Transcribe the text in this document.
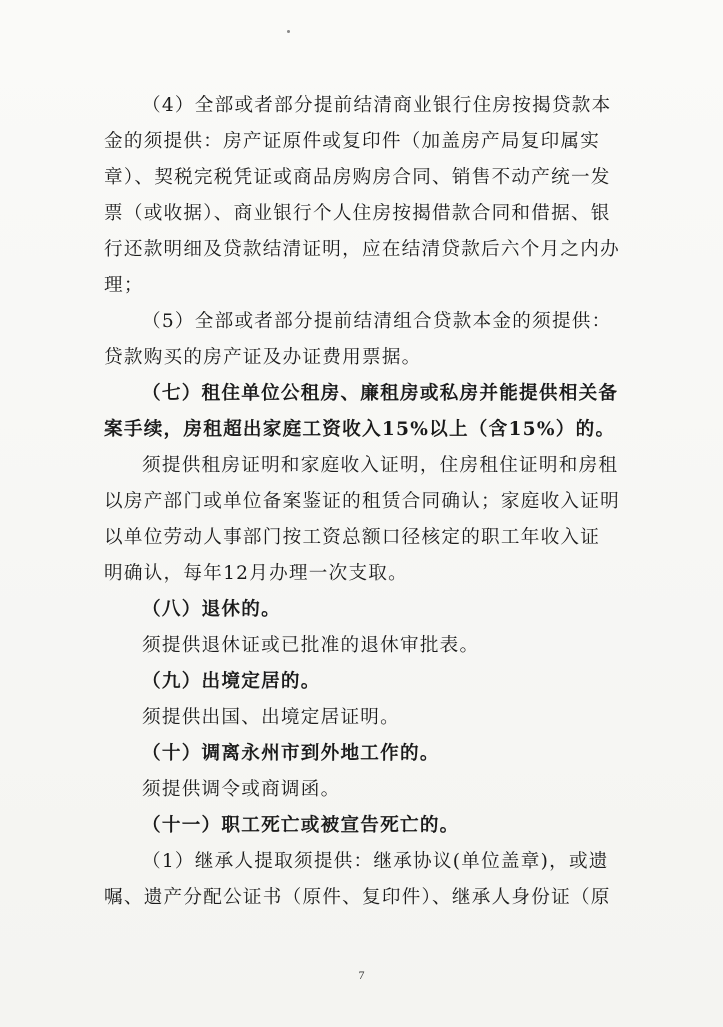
（4）全部或者部分提前结清商业银行住房按揭贷款本
金的须提供：房产证原件或复印件（加盖房产局复印属实
章）、契税完税凭证或商品房购房合同、销售不动产统一发
票（或收据）、商业银行个人住房按揭借款合同和借据、银
行还款明细及贷款结清证明，应在结清贷款后六个月之内办
理；
（5）全部或者部分提前结清组合贷款本金的须提供：
贷款购买的房产证及办证费用票据。
（七）租住单位公租房、廉租房或私房并能提供相关备
案手续，房租超出家庭工资收入15%以上（含15%）的。
须提供租房证明和家庭收入证明，住房租住证明和房租
以房产部门或单位备案鉴证的租赁合同确认；家庭收入证明
以单位劳动人事部门按工资总额口径核定的职工年收入证
明确认，每年12月办理一次支取。
（八）退休的。
须提供退休证或已批准的退休审批表。
（九）出境定居的。
须提供出国、出境定居证明。
（十）调离永州市到外地工作的。
须提供调令或商调函。
（十一）职工死亡或被宣告死亡的。
（1）继承人提取须提供：继承协议(单位盖章)，或遗
嘱、遗产分配公证书（原件、复印件）、继承人身份证（原
7
